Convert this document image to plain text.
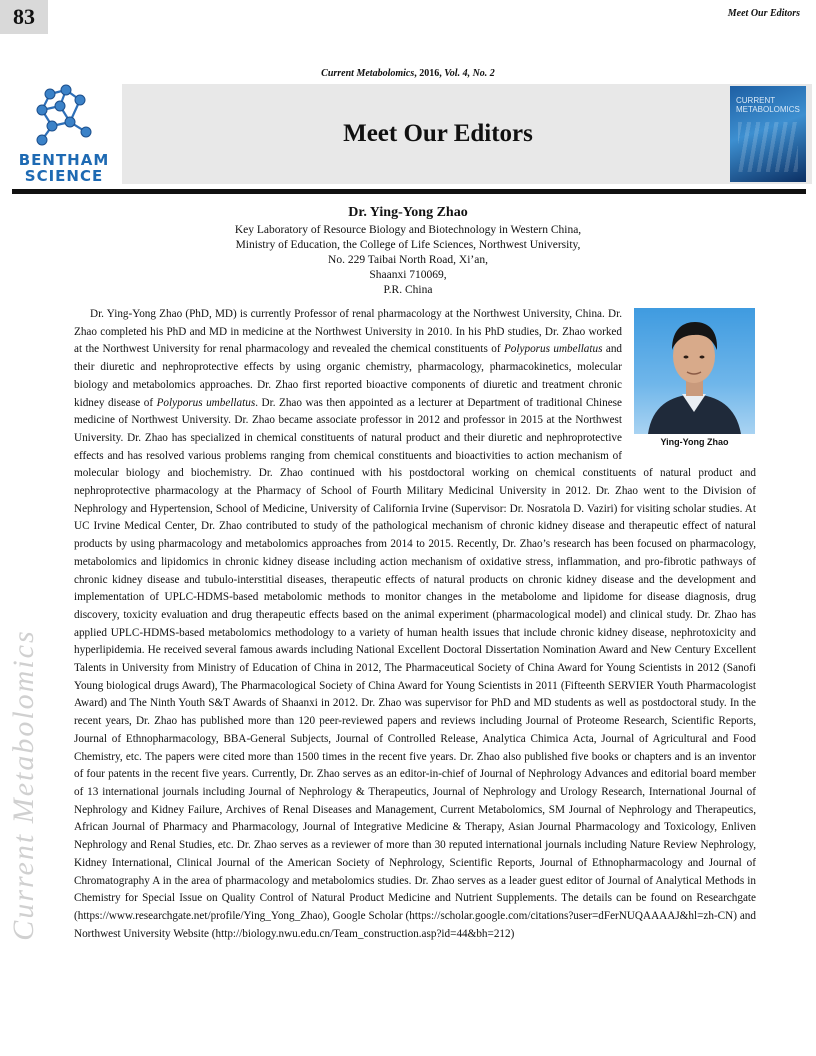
83	Meet Our Editors
Current Metabolomics, 2016, Vol. 4, No. 2
BENTHAM
SCIENCE
Meet Our Editors
CURRENT
METABOLOMICS
Dr. Ying-Yong Zhao
Key Laboratory of Resource Biology and Biotechnology in Western China,
Ministry of Education, the College of Life Sciences, Northwest University,
No. 229 Taibai North Road, Xi’an,
Shaanxi 710069,
P.R. China
Current Metabolomics
Ying-Yong Zhao

Dr. Ying-Yong Zhao (PhD, MD) is currently Professor of renal pharmacology at the Northwest University, China. Dr. Zhao completed his PhD and MD in medicine at the Northwest University in 2010. In his PhD studies, Dr. Zhao worked at the Northwest University for renal pharmacology and revealed the chemical constituents of Polyporus umbellatus and their diuretic and nephroprotective effects by using organic chemistry, pharmacology, pharmacokinetics, molecular biology and metabolomics approaches. Dr. Zhao first reported bioactive components of diuretic and treatment chronic kidney disease of Polyporus umbellatus. Dr. Zhao was then appointed as a lecturer at Department of traditional Chinese medicine of Northwest University. Dr. Zhao became associate professor in 2012 and professor in 2015 at the Northwest University. Dr. Zhao has specialized in chemical constituents of natural product and their diuretic and nephroprotective effects and has resolved various problems ranging from chemical constituents and bioactivities to action mechanism of molecular biology and biochemistry. Dr. Zhao continued with his postdoctoral working on chemical constituents of natural product and nephroprotective pharmacology at the Pharmacy of School of Fourth Military Medicinal University in 2012. Dr. Zhao went to the Division of Nephrology and Hypertension, School of Medicine, University of California Irvine (Supervisor: Dr. Nosratola D. Vaziri) for visiting scholar studies. At UC Irvine Medical Center, Dr. Zhao contributed to study of the pathological mechanism of chronic kidney disease and therapeutic effect of natural products by using pharmacology and metabolomics approaches from 2014 to 2015. Recently, Dr. Zhao’s research has been focused on pharmacology, metabolomics and lipidomics in chronic kidney disease including action mechanism of oxidative stress, inflammation, and pro-fibrotic pathways of chronic kidney disease and tubulo-interstitial diseases, therapeutic effects of natural products on chronic kidney disease and the development and implementation of UPLC-HDMS-based metabolomic methods to monitor changes in the metabolome and lipidome for disease diagnosis, drug discovery, toxicity evaluation and drug therapeutic effects based on the animal experiment (pharmacological model) and clinical study. Dr. Zhao has applied UPLC-HDMS-based metabolomics methodology to a variety of human health issues that include chronic kidney disease, nephrotoxicity and hyperlipidemia. He received several famous awards including National Excellent Doctoral Dissertation Nomination Award and New Century Excellent Talents in University from Ministry of Education of China in 2012, The Pharmaceutical Society of China Award for Young Scientists in 2012 (Sanofi Young biological drugs Award), The Pharmacological Society of China Award for Young Scientists in 2011 (Fifteenth SERVIER Youth Pharmacologist Award) and The Ninth Youth S&T Awards of Shaanxi in 2012. Dr. Zhao was supervisor for PhD and MD students as well as postdoctoral study. In the recent years, Dr. Zhao has published more than 120 peer-reviewed papers and reviews including Journal of Proteome Research, Scientific Reports, Journal of Ethnopharmacology, BBA-General Subjects, Journal of Controlled Release, Analytica Chimica Acta, Journal of Agricultural and Food Chemistry, etc. The papers were cited more than 1500 times in the recent five years. Dr. Zhao also published five books or chapters and is an inventor of four patents in the recent five years. Currently, Dr. Zhao serves as an editor-in-chief of Journal of Nephrology Advances and editorial board member of 13 international journals including Journal of Nephrology & Therapeutics, Journal of Nephrology and Urology Research, International Journal of Nephrology and Kidney Failure, Archives of Renal Diseases and Management, Current Metabolomics, SM Journal of Nephrology and Therapeutics, African Journal of Pharmacy and Pharmacology, Journal of Integrative Medicine & Therapy, Asian Journal Pharmacology and Toxicology, Enliven Nephrology and Renal Studies, etc. Dr. Zhao serves as a reviewer of more than 30 reputed international journals including Nature Review Nephrology, Kidney International, Clinical Journal of the American Society of Nephrology, Scientific Reports, Journal of Ethnopharmacology and Journal of Chromatography A in the area of pharmacology and metabolomics studies. Dr. Zhao serves as a leader guest editor of Journal of Analytical Methods in Chemistry for Special Issue on Quality Control of Natural Product Medicine and Nutrient Supplements. The details can be found on Researchgate (https://www.researchgate.net/profile/Ying_Yong_Zhao), Google Scholar (https://scholar.google.com/citations?user=dFerNUQAAAAJ&hl=zh-CN) and Northwest University Website (http://biology.nwu.edu.cn/Team_construction.asp?id=44&bh=212)
